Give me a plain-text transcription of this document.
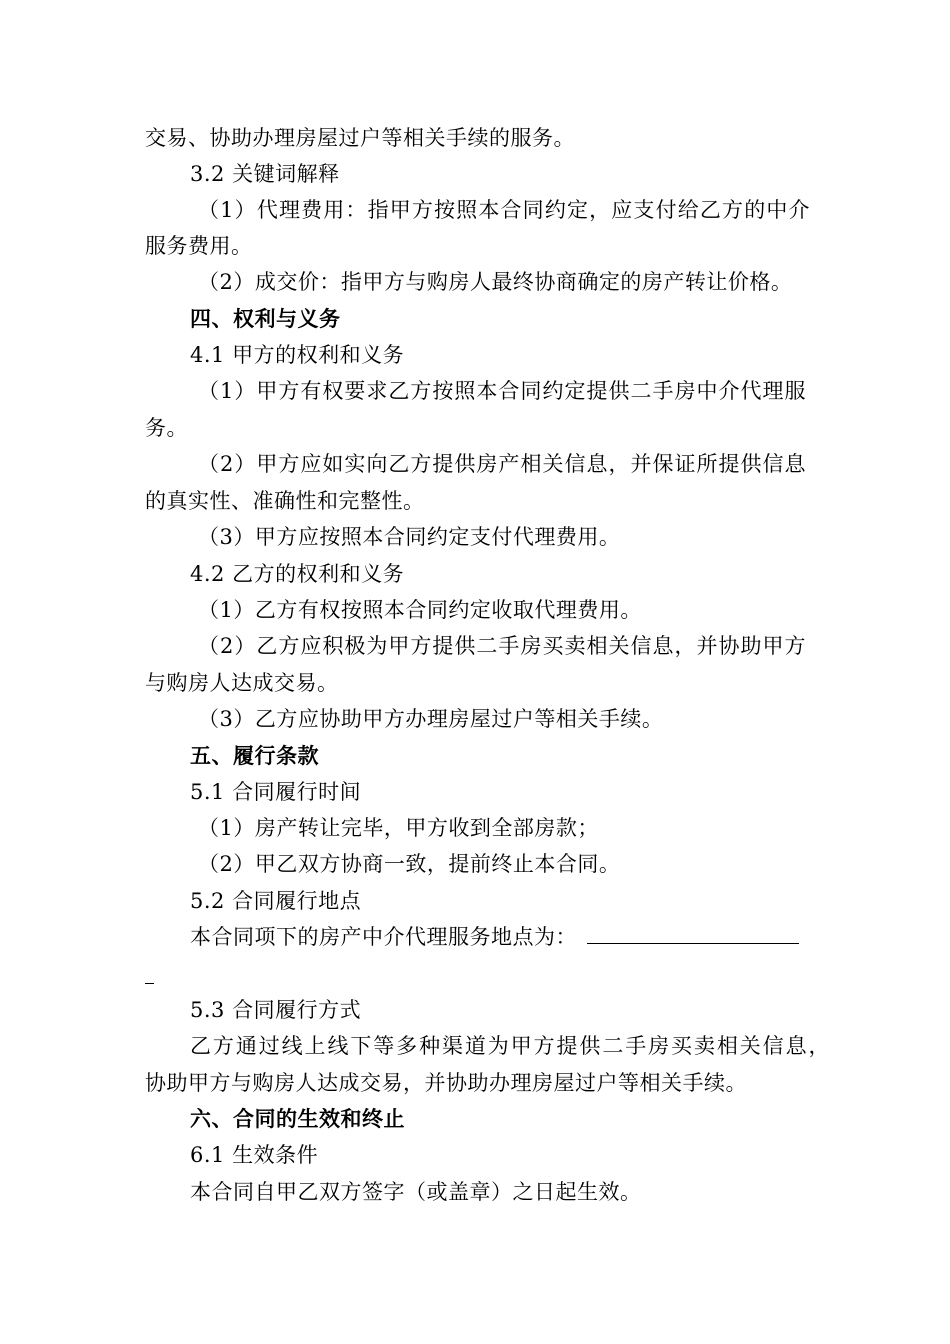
交易、协助办理房屋过户等相关手续的服务。
3.2 关键词解释
（1）代理费用：指甲方按照本合同约定，应支付给乙方的中介
服务费用。
（2）成交价：指甲方与购房人最终协商确定的房产转让价格。
四、权利与义务
4.1 甲方的权利和义务
（1）甲方有权要求乙方按照本合同约定提供二手房中介代理服
务。
（2）甲方应如实向乙方提供房产相关信息，并保证所提供信息
的真实性、准确性和完整性。
（3）甲方应按照本合同约定支付代理费用。
4.2 乙方的权利和义务
（1）乙方有权按照本合同约定收取代理费用。
（2）乙方应积极为甲方提供二手房买卖相关信息，并协助甲方
与购房人达成交易。
（3）乙方应协助甲方办理房屋过户等相关手续。
五、履行条款
5.1 合同履行时间
（1）房产转让完毕，甲方收到全部房款；
（2）甲乙双方协商一致，提前终止本合同。
5.2 合同履行地点
本合同项下的房产中介代理服务地点为：
5.3 合同履行方式
乙方通过线上线下等多种渠道为甲方提供二手房买卖相关信息，
协助甲方与购房人达成交易，并协助办理房屋过户等相关手续。
六、合同的生效和终止
6.1 生效条件
本合同自甲乙双方签字（或盖章）之日起生效。
